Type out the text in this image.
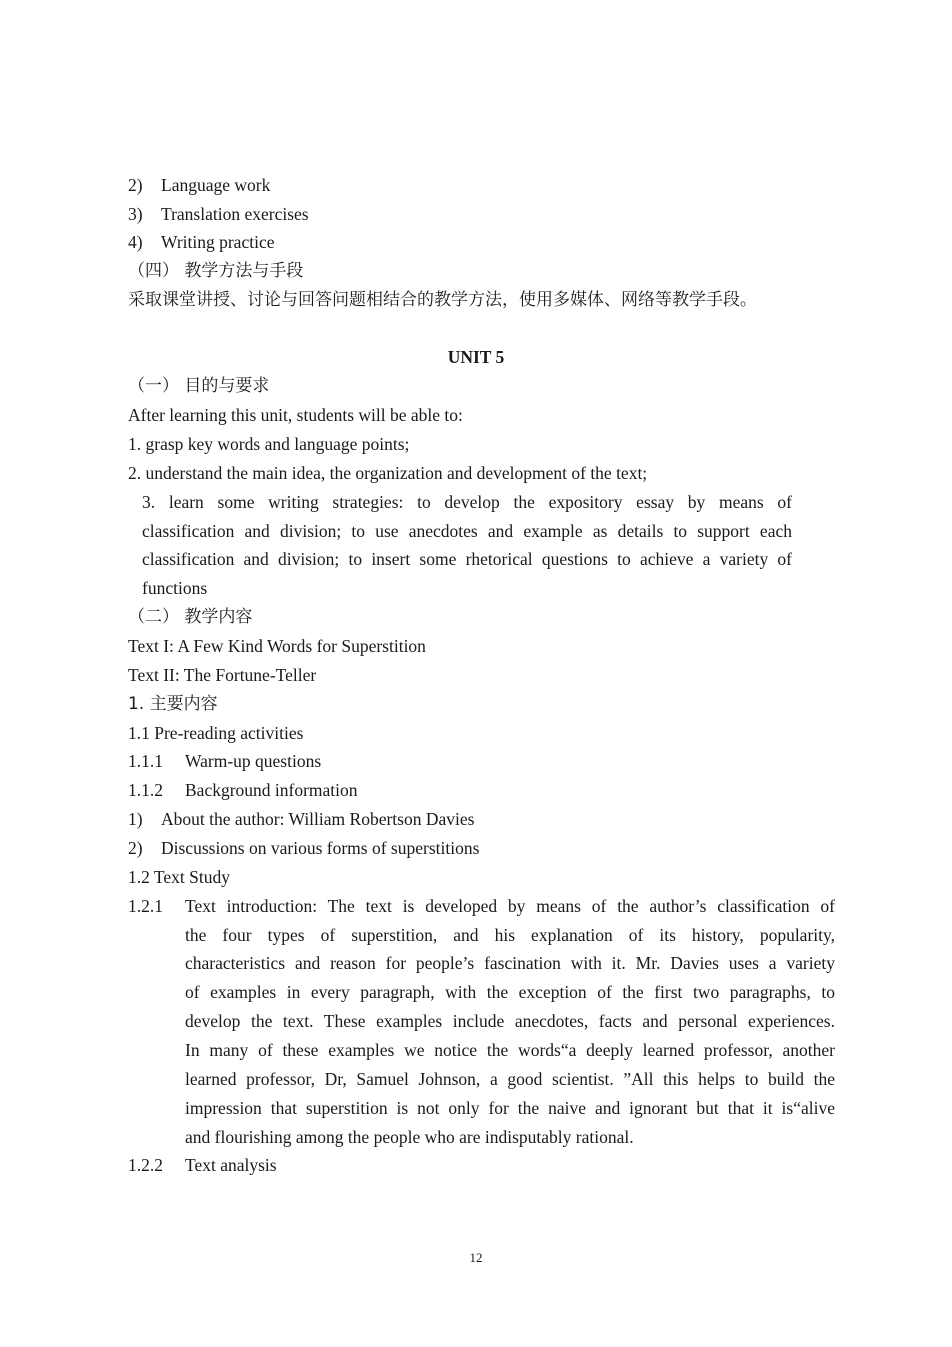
2) Language work
3) Translation exercises
4) Writing practice
（四） 教学方法与手段
采取课堂讲授、讨论与回答问题相结合的教学方法，使用多媒体、网络等教学手段。
UNIT 5
（一） 目的与要求
After learning this unit, students will be able to:
1. grasp key words and language points;
2. understand the main idea, the organization and development of the text;
3. learn some writing strategies: to develop the expository essay by means of
classification and division; to use anecdotes and example as details to support each
classification and division; to insert some rhetorical questions to achieve a variety of
functions
（二） 教学内容
Text I: A Few Kind Words for Superstition
Text II: The Fortune-Teller
1. 主要内容
1.1 Pre-reading activities
1.1.1 Warm-up questions
1.1.2 Background information
1) About the author: William Robertson Davies
2) Discussions on various forms of superstitions
1.2 Text Study
1.2.1 Text introduction: The text is developed by means of the author’s classification of
the four types of superstition, and his explanation of its history, popularity,
characteristics and reason for people’s fascination with it. Mr. Davies uses a variety
of examples in every paragraph, with the exception of the first two paragraphs, to
develop the text. These examples include anecdotes, facts and personal experiences.
In many of these examples we notice the words“a deeply learned professor, another
learned professor, Dr, Samuel Johnson, a good scientist. ”All this helps to build the
impression that superstition is not only for the naive and ignorant but that it is“alive
and flourishing among the people who are indisputably rational.
1.2.2 Text analysis
12
